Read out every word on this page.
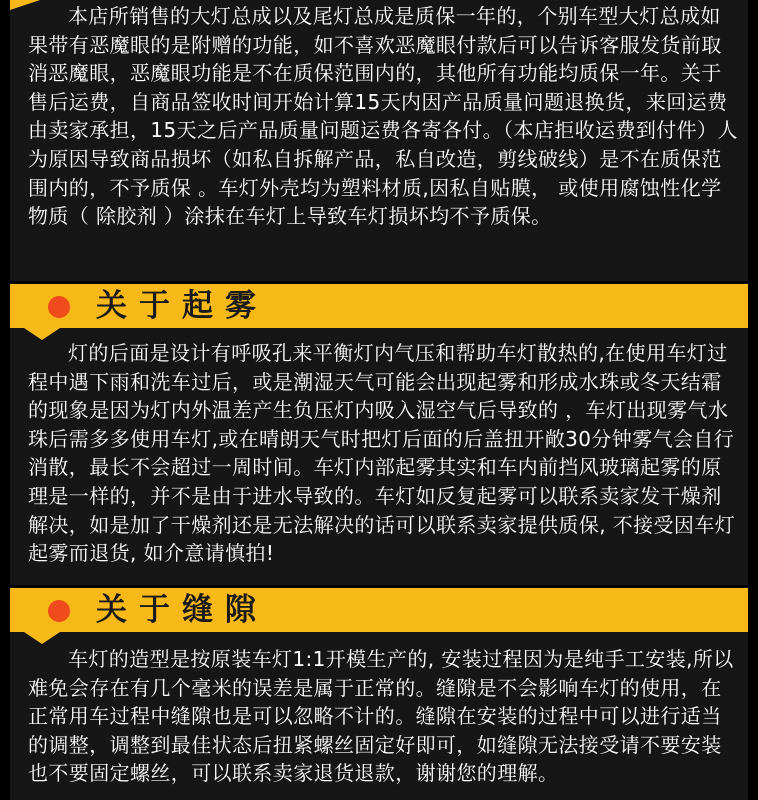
本店所销售的大灯总成以及尾灯总成是质保一年的，个别车型大灯总成如果带有恶魔眼的是附赠的功能，如不喜欢恶魔眼付款后可以告诉客服发货前取消恶魔眼，恶魔眼功能是不在质保范围内的，其他所有功能均质保一年。关于售后运费，自商品签收时间开始计算15天内因产品质量问题退换货，来回运费由卖家承担，15天之后产品质量问题运费各寄各付。（本店拒收运费到付件）人为原因导致商品损坏（如私自拆解产品，私自改造，剪线破线）是不在质保范围内的，不予质保 。车灯外壳均为塑料材质,因私自贴膜， 或使用腐蚀性化学物质（ 除胶剂 ）涂抹在车灯上导致车灯损坏均不予质保。
关于起雾
灯的后面是设计有呼吸孔来平衡灯内气压和帮助车灯散热的,在使用车灯过程中遇下雨和洗车过后，或是潮湿天气可能会出现起雾和形成水珠或冬天结霜的现象是因为灯内外温差产生负压灯内吸入湿空气后导致的 ，车灯出现雾气水珠后需多多使用车灯,或在晴朗天气时把灯后面的后盖扭开敞30分钟雾气会自行消散，最长不会超过一周时间。车灯内部起雾其实和车内前挡风玻璃起雾的原理是一样的，并不是由于进水导致的。车灯如反复起雾可以联系卖家发干燥剂解决，如是加了干燥剂还是无法解决的话可以联系卖家提供质保, 不接受因车灯起雾而退货, 如介意请慎拍!
关于缝隙
车灯的造型是按原装车灯1:1开模生产的, 安装过程因为是纯手工安装,所以难免会存在有几个毫米的误差是属于正常的。缝隙是不会影响车灯的使用，在正常用车过程中缝隙也是可以忽略不计的。缝隙在安装的过程中可以进行适当的调整，调整到最佳状态后扭紧螺丝固定好即可，如缝隙无法接受请不要安装也不要固定螺丝，可以联系卖家退货退款，谢谢您的理解。
